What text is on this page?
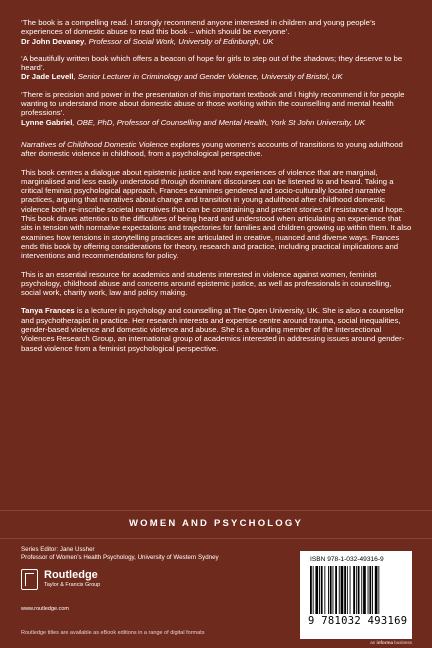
‘The book is a compelling read. I strongly recommend anyone interested in children and young people’s experiences of domestic abuse to read this book – which should be everyone’.
Dr John Devaney, Professor of Social Work, University of Edinburgh, UK
‘A beautifully written book which offers a beacon of hope for girls to step out of the shadows; they deserve to be heard’.
Dr Jade Levell, Senior Lecturer in Criminology and Gender Violence, University of Bristol, UK
‘There is precision and power in the presentation of this important textbook and I highly recommend it for people wanting to understand more about domestic abuse or those working within the counselling and mental health professions’.
Lynne Gabriel, OBE, PhD, Professor of Counselling and Mental Health, York St John University, UK

Narratives of Childhood Domestic Violence explores young women’s accounts of transitions to young adulthood after domestic violence in childhood, from a psychological perspective.

This book centres a dialogue about epistemic justice and how experiences of violence that are marginal, marginalised and less easily understood through dominant discourses can be listened to and heard. Taking a critical feminist psychological approach, Frances examines gendered and socio-culturally located narrative practices, arguing that narratives about change and transition in young adulthood after childhood domestic violence both re-inscribe societal narratives that can be constraining and present stories of resistance and hope. This book draws attention to the difficulties of being heard and understood when articulating an experience that sits in tension with normative expectations and trajectories for families and children growing up within them. It also examines how tensions in storytelling practices are articulated in creative, nuanced and diverse ways. Frances ends this book by offering considerations for theory, research and practice, including practical implications and interventions and recommendations for policy.

This is an essential resource for academics and students interested in violence against women, feminist psychology, childhood abuse and concerns around epistemic justice, as well as professionals in counselling, social work, charity work, law and policy making.

Tanya Frances is a lecturer in psychology and counselling at The Open University, UK. She is also a counsellor and psychotherapist in practice. Her research interests and expertise centre around trauma, social inequalities, gender-based violence and domestic violence and abuse. She is a founding member of the Intersectional Violences Research Group, an international group of academics interested in addressing issues around gender-based violence from a feminist psychological perspective.

WOMEN AND PSYCHOLOGY
Series Editor: Jane Ussher
Professor of Women’s Health Psychology, University of Western Sydney
Routledge
Taylor & Francis Group
www.routledge.com
Routledge titles are available as eBook editions in a range of digital formats
ISBN 978-1-032-49316-9
9 781032 493169
an informa business
